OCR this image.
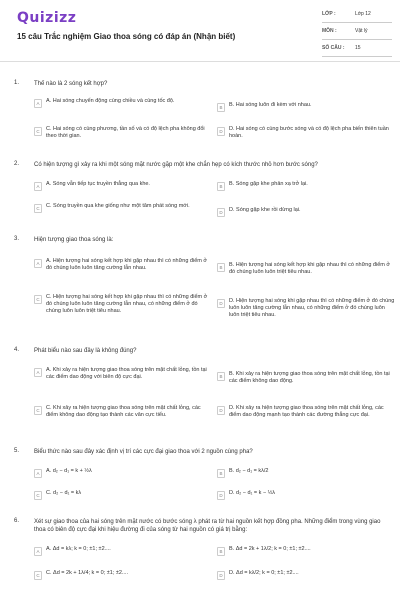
Quizizz
15 câu Trắc nghiệm Giao thoa sóng có đáp án (Nhận biết)
LỚP :	Lớp 12
MÔN :	Vật lý
SỐ CÂU :	15
1. Thế nào là 2 sóng kết hợp?
A	A. Hai sóng chuyển động cùng chiều và cùng tốc độ.
B	B. Hai sóng luôn đi kèm với nhau.
C	C. Hai sóng có cùng phương, tần số và có độ lệch pha không đổi theo thời gian.
D	D. Hai sóng có cùng bước sóng và có độ lệch pha biến thiên tuần hoàn.
2. Có hiện tượng gì xảy ra khi một sóng mặt nước gặp một khe chắn hẹp có kích thước nhỏ hơn bước sóng?
A	A. Sóng vẫn tiếp tục truyền thẳng qua khe.	B	B. Sóng gặp khe phản xạ trở lại.
C	C. Sóng truyền qua khe giống như một tâm phát sóng mới.
D	D. Sóng gặp khe rồi dừng lại.
3. Hiện tượng giao thoa sóng là:
A	A. Hiện tượng hai sóng kết hợp khi gặp nhau thì có những điểm ở đó chúng luôn luôn tăng cường lẫn nhau.	B	B. Hiện tượng hai sóng kết hợp khi gặp nhau thì có những điểm ở đó chúng luôn luôn triệt tiêu nhau.
C	C. Hiện tượng hai sóng kết hợp khi gặp nhau thì có những điểm ở đó chúng luôn luôn tăng cường lẫn nhau, có những điểm ở đó chúng luôn luôn triệt tiêu nhau.
D	D. Hiện tượng hai sóng khi gặp nhau thì có những điểm ở đó chúng luôn luôn tăng cường lẫn nhau, có những điểm ở đó chúng luôn luôn triệt tiêu nhau.
4. Phát biểu nào sau đây là không đúng?
A	A. Khi xảy ra hiện tượng giao thoa sóng trên mặt chất lỏng, tồn tại các điểm dao động với biên độ cực đại.	B	B. Khi xảy ra hiện tượng giao thoa sóng trên mặt chất lỏng, tồn tại các điểm không dao động.
C	C. Khi xảy ra hiện tượng giao thoa sóng trên mặt chất lỏng, các điểm không dao động tạo thành các vân cực tiểu.
D	D. Khi xảy ra hiện tượng giao thoa sóng trên mặt chất lỏng, các điểm dao động mạnh tạo thành các đường thẳng cực đại.
5. Biểu thức nào sau đây xác định vị trí các cực đại giao thoa với 2 nguồn cùng pha?
A	A. d₂ − d₁ = k + ½λ	B	B. d₂ − d₁ = kλ/2
C	C. d₂ − d₁ = kλ	D	D. d₂ − d₁ = k − ½λ
6. Xét sự giao thoa của hai sóng trên mặt nước có bước sóng λ phát ra từ hai nguồn kết hợp đồng pha. Những điểm trong vùng giao thoa có biên độ cực đại khi hiệu đường đi của sóng từ hai nguồn có giá trị bằng:
A	A. Δd = kλ; k = 0; ±1; ±2....	B	B. Δd = 2k + 1λ/2; k = 0; ±1; ±2....
C	C. Δd = 2k + 1λ/4; k = 0; ±1; ±2....	D	D. Δd = kλ/2; k = 0; ±1; ±2....
